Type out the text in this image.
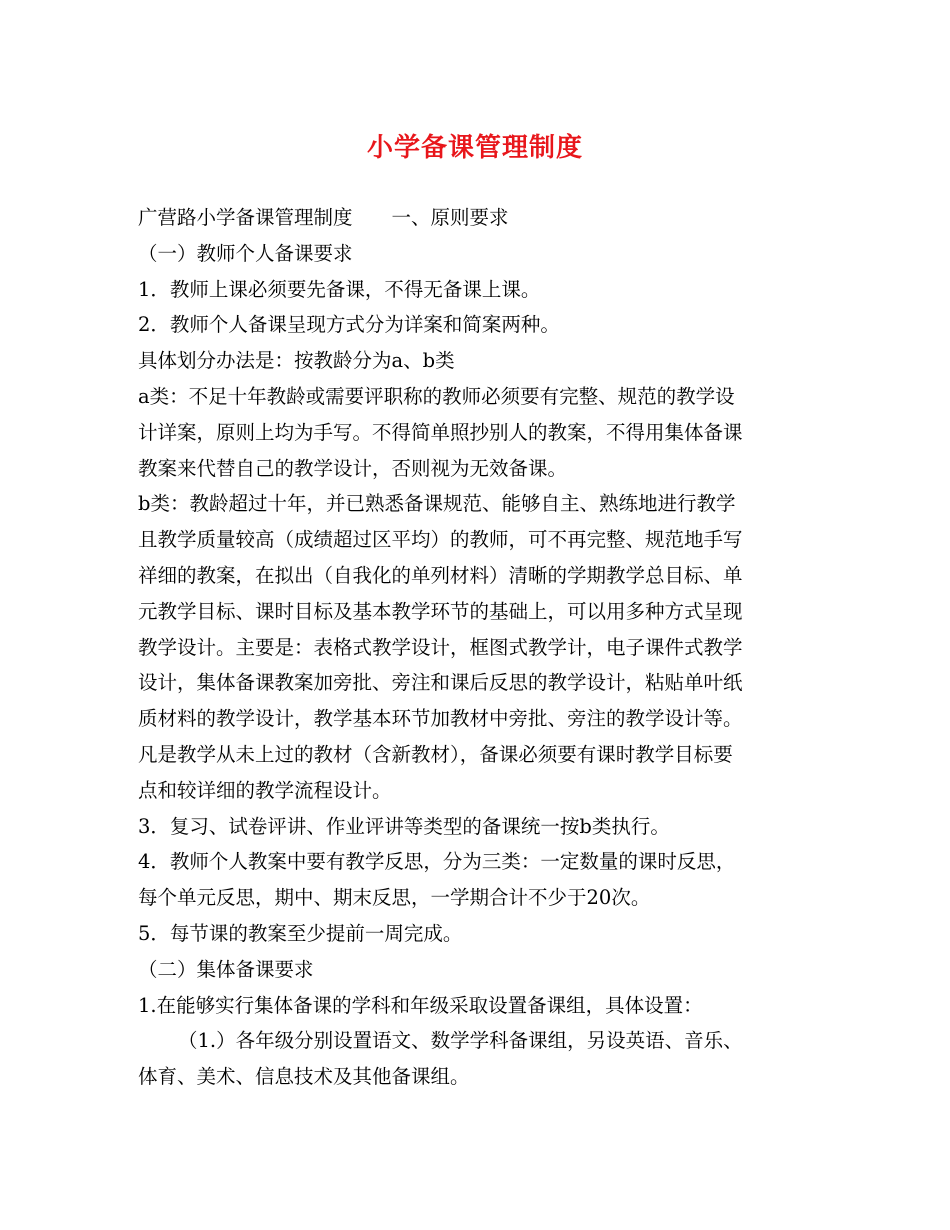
小学备课管理制度
广营路小学备课管理制度　　一、原则要求
（一）教师个人备课要求
1．教师上课必须要先备课，不得无备课上课。
2．教师个人备课呈现方式分为详案和简案两种。
具体划分办法是：按教龄分为a、b类
a类：不足十年教龄或需要评职称的教师必须要有完整、规范的教学设
计详案，原则上均为手写。不得简单照抄别人的教案，不得用集体备课
教案来代替自己的教学设计，否则视为无效备课。
b类：教龄超过十年，并已熟悉备课规范、能够自主、熟练地进行教学
且教学质量较高（成绩超过区平均）的教师，可不再完整、规范地手写
祥细的教案，在拟出（自我化的单列材料）清晰的学期教学总目标、单
元教学目标、课时目标及基本教学环节的基础上，可以用多种方式呈现
教学设计。主要是：表格式教学设计，框图式教学计，电子课件式教学
设计，集体备课教案加旁批、旁注和课后反思的教学设计，粘贴单叶纸
质材料的教学设计，教学基本环节加教材中旁批、旁注的教学设计等。
凡是教学从未上过的教材（含新教材），备课必须要有课时教学目标要
点和较详细的教学流程设计。
3．复习、试卷评讲、作业评讲等类型的备课统一按b类执行。
4．教师个人教案中要有教学反思，分为三类：一定数量的课时反思，
每个单元反思，期中、期末反思，一学期合计不少于20次。
5．每节课的教案至少提前一周完成。
（二）集体备课要求
1.在能够实行集体备课的学科和年级采取设置备课组，具体设置：
（1.）各年级分别设置语文、数学学科备课组，另设英语、音乐、
体育、美术、信息技术及其他备课组。
